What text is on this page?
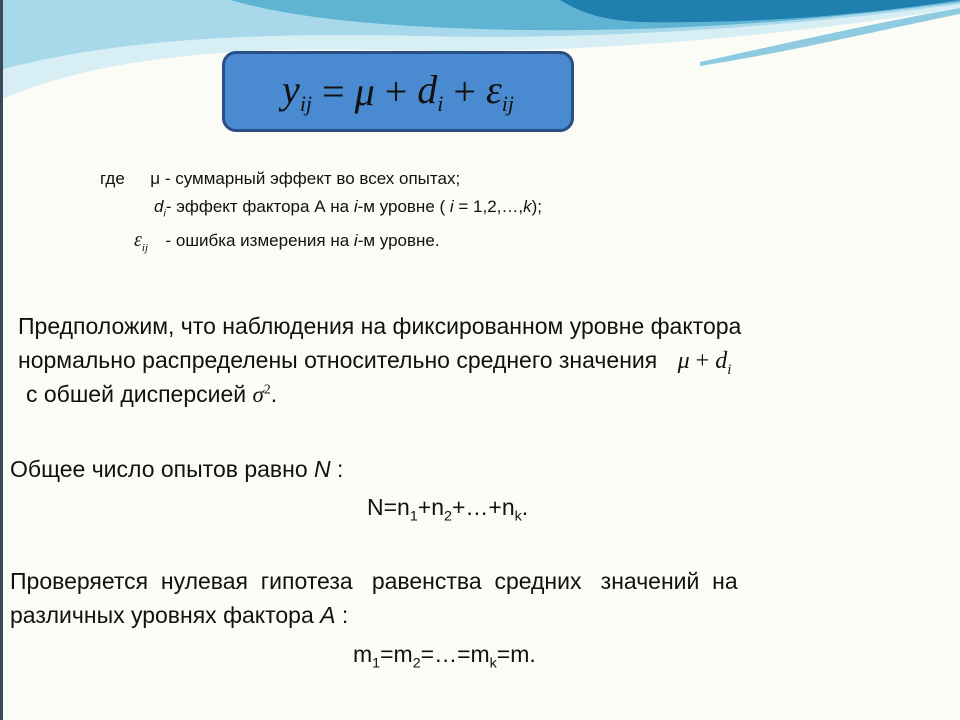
$y_{ij} = \mu + d_i + \varepsilon_{ij}$
где μ - суммарный эффект во всех опытах;
$d_i-$ эффект фактора А на i-м уровне ( i = 1,2,…,k);
$\varepsilon_{ij}$ - ошибка измерения на i-м уровне.
Предположим, что наблюдения на фиксированном уровне фактора
нормально распределены относительно среднего значения $\mu + d_i$
с обшей дисперсией $\sigma^2$.
Общее число опытов равно N :
$N=n_1+n_2+\dots+n_k$.
Проверяется  нулевая  гипотеза   равенства  средних   значений  на
различных уровнях фактора А :
$m_1=m_2=\dots=m_k=m$.
